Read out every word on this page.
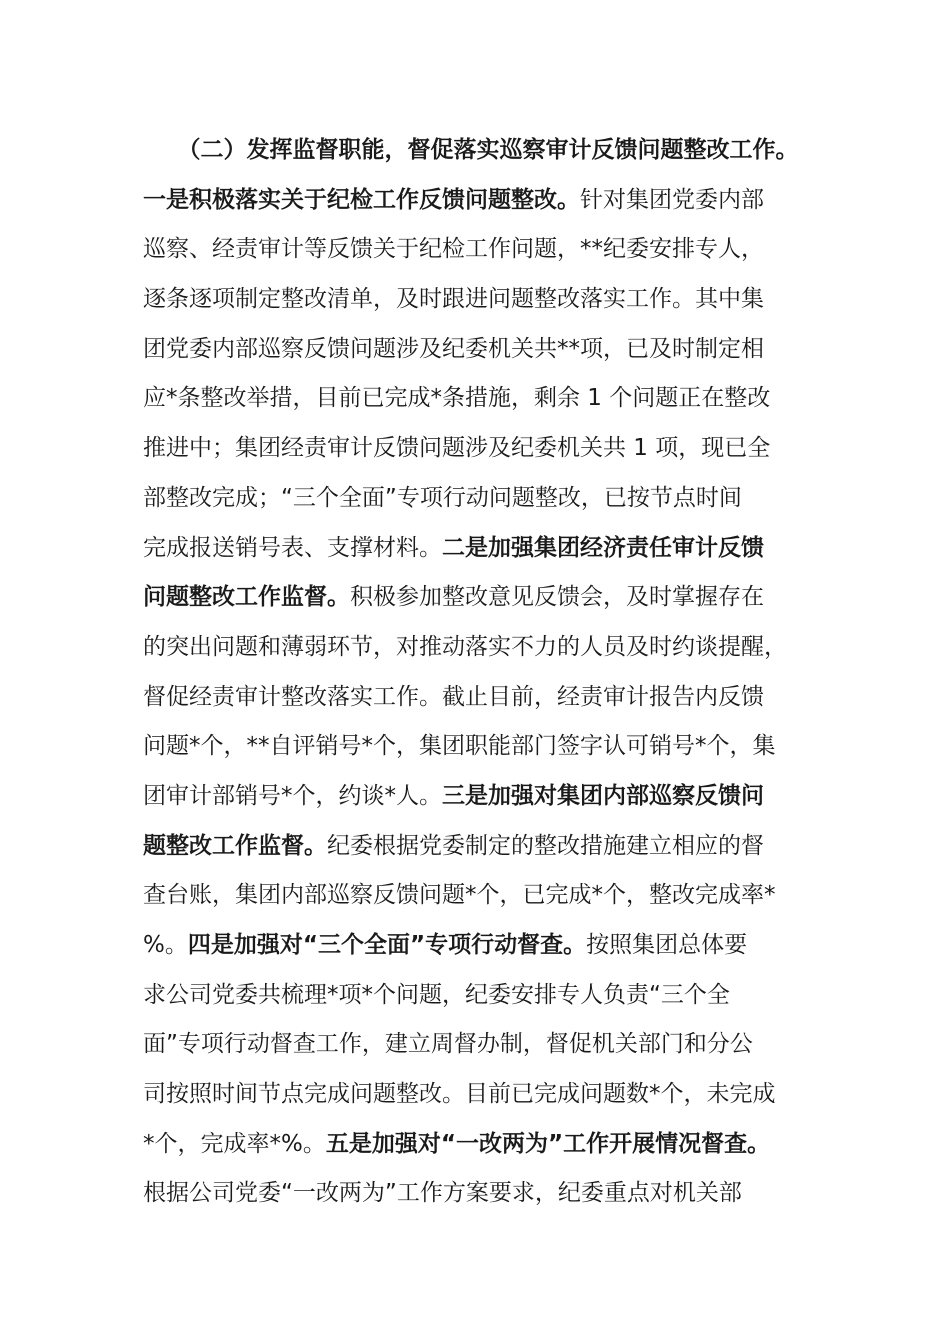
　　（二）发挥监督职能，督促落实巡察审计反馈问题整改工作。
一是积极落实关于纪检工作反馈问题整改。针对集团党委内部
巡察、经责审计等反馈关于纪检工作问题，**纪委安排专人，
逐条逐项制定整改清单，及时跟进问题整改落实工作。其中集
团党委内部巡察反馈问题涉及纪委机关共**项，已及时制定相
应*条整改举措，目前已完成*条措施，剩余 1 个问题正在整改
推进中；集团经责审计反馈问题涉及纪委机关共 1 项，现已全
部整改完成；“三个全面”专项行动问题整改，已按节点时间
完成报送销号表、支撑材料。二是加强集团经济责任审计反馈
问题整改工作监督。积极参加整改意见反馈会，及时掌握存在
的突出问题和薄弱环节，对推动落实不力的人员及时约谈提醒，
督促经责审计整改落实工作。截止目前，经责审计报告内反馈
问题*个，**自评销号*个，集团职能部门签字认可销号*个，集
团审计部销号*个，约谈*人。三是加强对集团内部巡察反馈问
题整改工作监督。纪委根据党委制定的整改措施建立相应的督
查台账，集团内部巡察反馈问题*个，已完成*个，整改完成率*
%。四是加强对“三个全面”专项行动督查。按照集团总体要
求公司党委共梳理*项*个问题，纪委安排专人负责“三个全
面”专项行动督查工作，建立周督办制，督促机关部门和分公
司按照时间节点完成问题整改。目前已完成问题数*个，未完成
*个，完成率*%。五是加强对“一改两为”工作开展情况督查。
根据公司党委“一改两为”工作方案要求，纪委重点对机关部
